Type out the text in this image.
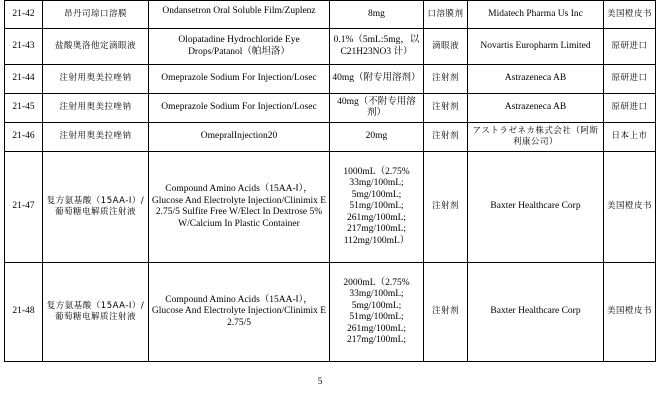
21-42	昂丹司琼口溶膜	Ondansetron Oral Soluble Film/Zuplenz	8mg	口溶膜剂	Midatech Pharma Us Inc	美国橙皮书
21-43	盐酸奥洛他定滴眼液	Olopatadine Hydrochloride Eye Drops/Patanol（帕坦洛）	0.1%（5mL:5mg，以C21H23NO3 计）	滴眼液	Novartis Europharm Limited	原研进口
21-44	注射用奥美拉唑钠	Omeprazole Sodium For Injection/Losec	40mg（附专用溶剂）	注射剂	Astrazeneca AB	原研进口
21-45	注射用奥美拉唑钠	Omeprazole Sodium For Injection/Losec	40mg（不附专用溶剂）	注射剂	Astrazeneca AB	原研进口
21-46	注射用奥美拉唑钠	OmepralInjection20	20mg	注射剂	アストラゼネカ株式会社（阿斯利康公司）	日本上市
21-47	复方氨基酸（15AA-Ⅰ）/葡萄糖电解质注射液	Compound Amino Acids（15AA-Ⅰ），Glucose And Electrolyte Injection/Clinimix E 2.75/5 Sulfite Free W/Elect In Dextrose 5% W/Calcium In Plastic Container	1000mL（2.75% 33mg/100mL; 5mg/100mL; 51mg/100mL; 261mg/100mL; 217mg/100mL; 112mg/100mL）	注射剂	Baxter Healthcare Corp	美国橙皮书
21-48	复方氨基酸（15AA-Ⅰ）/葡萄糖电解质注射液	Compound Amino Acids（15AA-Ⅰ），Glucose And Electrolyte Injection/Clinimix E 2.75/5	2000mL（2.75% 33mg/100mL; 5mg/100mL; 51mg/100mL; 261mg/100mL; 217mg/100mL;	注射剂	Baxter Healthcare Corp	美国橙皮书
5
